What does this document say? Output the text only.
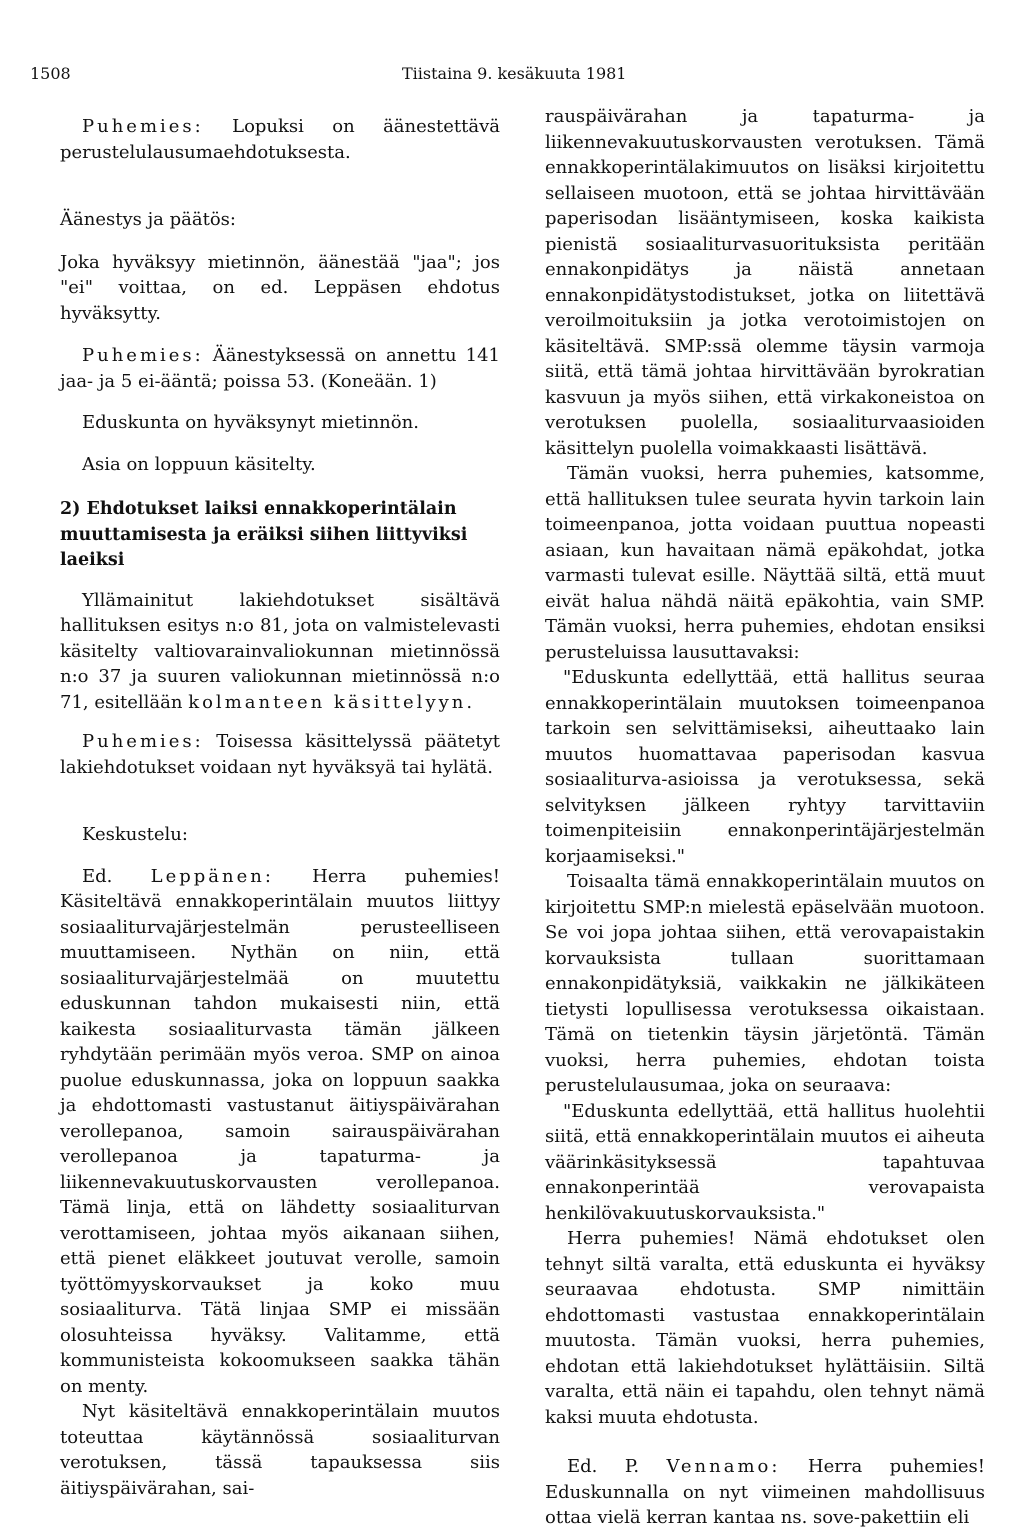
1508	Tiistaina 9. kesäkuuta 1981

Puhemies: Lopuksi on äänestettävä perustelulausumaehdotuksesta.

Äänestys ja päätös:

Joka hyväksyy mietinnön, äänestää "jaa"; jos "ei" voittaa, on ed. Leppäsen ehdotus hyväksytty.

Puhemies: Äänestyksessä on annettu 141 jaa- ja 5 ei-ääntä; poissa 53. (Koneään. 1)

Eduskunta on hyväksynyt mietinnön.

Asia on loppuun käsitelty.

2) Ehdotukset laiksi ennakkoperintälain muuttamisesta ja eräiksi siihen liittyviksi laeiksi

Yllämainitut lakiehdotukset sisältävä hallituksen esitys n:o 81, jota on valmistelevasti käsitelty valtiovarainvaliokunnan mietinnössä n:o 37 ja suuren valiokunnan mietinnössä n:o 71, esitellään kolmanteen käsittelyyn.

Puhemies: Toisessa käsittelyssä päätetyt lakiehdotukset voidaan nyt hyväksyä tai hylätä.

Keskustelu:

Ed. Leppänen: Herra puhemies! Käsiteltävä ennakkoperintälain muutos liittyy sosiaaliturvajärjestelmän perusteelliseen muuttamiseen. Nythän on niin, että sosiaaliturvajärjestelmää on muutettu eduskunnan tahdon mukaisesti niin, että kaikesta sosiaaliturvasta tämän jälkeen ryhdytään perimään myös veroa. SMP on ainoa puolue eduskunnassa, joka on loppuun saakka ja ehdottomasti vastustanut äitiyspäivärahan verollepanoa, samoin sairauspäivärahan verollepanoa ja tapaturma- ja liikennevakuutuskorvausten verollepanoa. Tämä linja, että on lähdetty sosiaaliturvan verottamiseen, johtaa myös aikanaan siihen, että pienet eläkkeet joutuvat verolle, samoin työttömyyskorvaukset ja koko muu sosiaaliturva. Tätä linjaa SMP ei missään olosuhteissa hyväksy. Valitamme, että kommunisteista kokoomukseen saakka tähän on menty.

Nyt käsiteltävä ennakkoperintälain muutos toteuttaa käytännössä sosiaaliturvan verotuksen, tässä tapauksessa siis äitiyspäivärahan, sai-

rauspäivärahan ja tapaturma- ja liikennevakuutuskorvausten verotuksen. Tämä ennakkoperintälakimuutos on lisäksi kirjoitettu sellaiseen muotoon, että se johtaa hirvittävään paperisodan lisääntymiseen, koska kaikista pienistä sosiaaliturvasuorituksista peritään ennakonpidätys ja näistä annetaan ennakonpidätystodistukset, jotka on liitettävä veroilmoituksiin ja jotka verotoimistojen on käsiteltävä. SMP:ssä olemme täysin varmoja siitä, että tämä johtaa hirvittävään byrokratian kasvuun ja myös siihen, että virkakoneistoa on verotuksen puolella, sosiaaliturvaasioiden käsittelyn puolella voimakkaasti lisättävä.

Tämän vuoksi, herra puhemies, katsomme, että hallituksen tulee seurata hyvin tarkoin lain toimeenpanoa, jotta voidaan puuttua nopeasti asiaan, kun havaitaan nämä epäkohdat, jotka varmasti tulevat esille. Näyttää siltä, että muut eivät halua nähdä näitä epäkohtia, vain SMP. Tämän vuoksi, herra puhemies, ehdotan ensiksi perusteluissa lausuttavaksi:

"Eduskunta edellyttää, että hallitus seuraa ennakkoperintälain muutoksen toimeenpanoa tarkoin sen selvittämiseksi, aiheuttaako lain muutos huomattavaa paperisodan kasvua sosiaaliturva-asioissa ja verotuksessa, sekä selvityksen jälkeen ryhtyy tarvittaviin toimenpiteisiin ennakonperintäjärjestelmän korjaamiseksi."

Toisaalta tämä ennakkoperintälain muutos on kirjoitettu SMP:n mielestä epäselvään muotoon. Se voi jopa johtaa siihen, että verovapaistakin korvauksista tullaan suorittamaan ennakonpidätyksiä, vaikkakin ne jälkikäteen tietysti lopullisessa verotuksessa oikaistaan. Tämä on tietenkin täysin järjetöntä. Tämän vuoksi, herra puhemies, ehdotan toista perustelulausumaa, joka on seuraava:

"Eduskunta edellyttää, että hallitus huolehtii siitä, että ennakkoperintälain muutos ei aiheuta väärinkäsityksessä tapahtuvaa ennakonperintää verovapaista henkilövakuutuskorvauksista."

Herra puhemies! Nämä ehdotukset olen tehnyt siltä varalta, että eduskunta ei hyväksy seuraavaa ehdotusta. SMP nimittäin ehdottomasti vastustaa ennakkoperintälain muutosta. Tämän vuoksi, herra puhemies, ehdotan että lakiehdotukset hylättäisiin. Siltä varalta, että näin ei tapahdu, olen tehnyt nämä kaksi muuta ehdotusta.

Ed. P. Vennamo: Herra puhemies! Eduskunnalla on nyt viimeinen mahdollisuus ottaa vielä kerran kantaa ns. sove-pakettiin eli
